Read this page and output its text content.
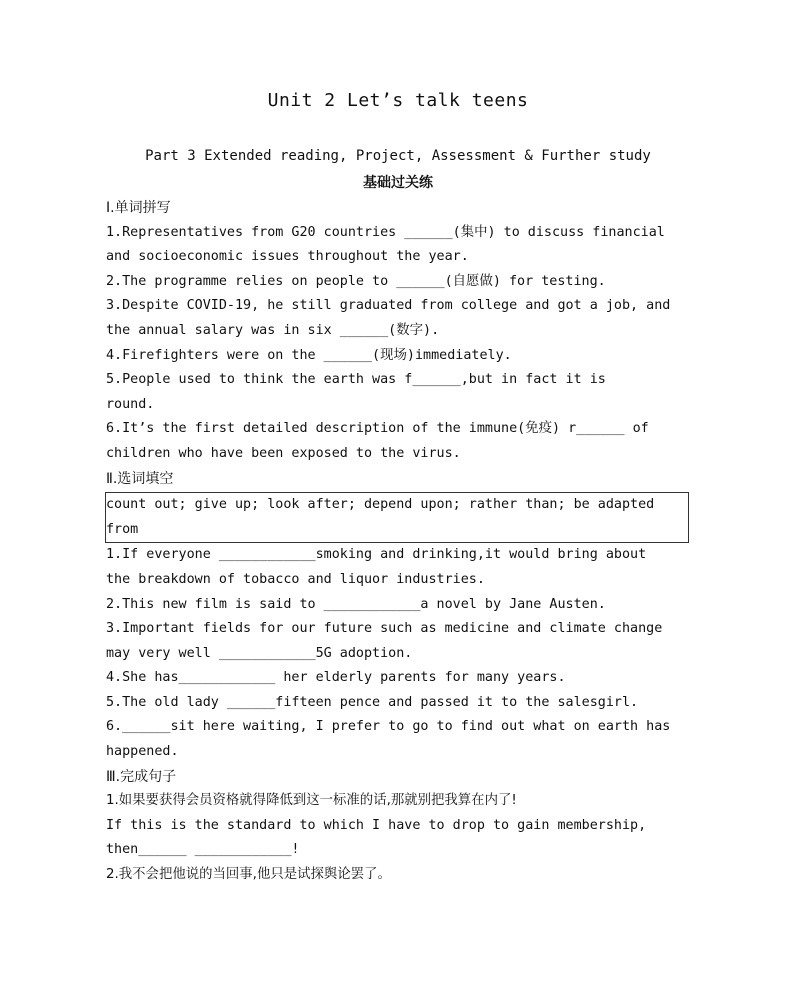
Unit 2 Let’s talk teens
Part 3 Extended reading, Project, Assessment & Further study
基础过关练
Ⅰ.单词拼写
1.Representatives from G20 countries ______(集中) to discuss financial
and socioeconomic issues throughout the year.
2.The programme relies on people to ______(自愿做) for testing.
3.Despite COVID-19, he still graduated from college and got a job, and
the annual salary was in six ______(数字).
4.Firefighters were on the ______(现场)immediately.
5.People used to think the earth was f______,but in fact it is
round.
6.It’s the first detailed description of the immune(免疫) r______ of
children who have been exposed to the virus.
Ⅱ.选词填空
count out; give up; look after; depend upon; rather than; be adapted
from
1.If everyone ____________smoking and drinking,it would bring about
the breakdown of tobacco and liquor industries.
2.This new film is said to ____________a novel by Jane Austen.
3.Important fields for our future such as medicine and climate change
may very well ____________5G adoption.
4.She has____________ her elderly parents for many years.
5.The old lady ______fifteen pence and passed it to the salesgirl.
6.______sit here waiting, I prefer to go to find out what on earth has
happened.
Ⅲ.完成句子
1.如果要获得会员资格就得降低到这一标准的话,那就别把我算在内了!
If this is the standard to which I have to drop to gain membership,
then______ ____________!
2.我不会把他说的当回事,他只是试探舆论罢了。
